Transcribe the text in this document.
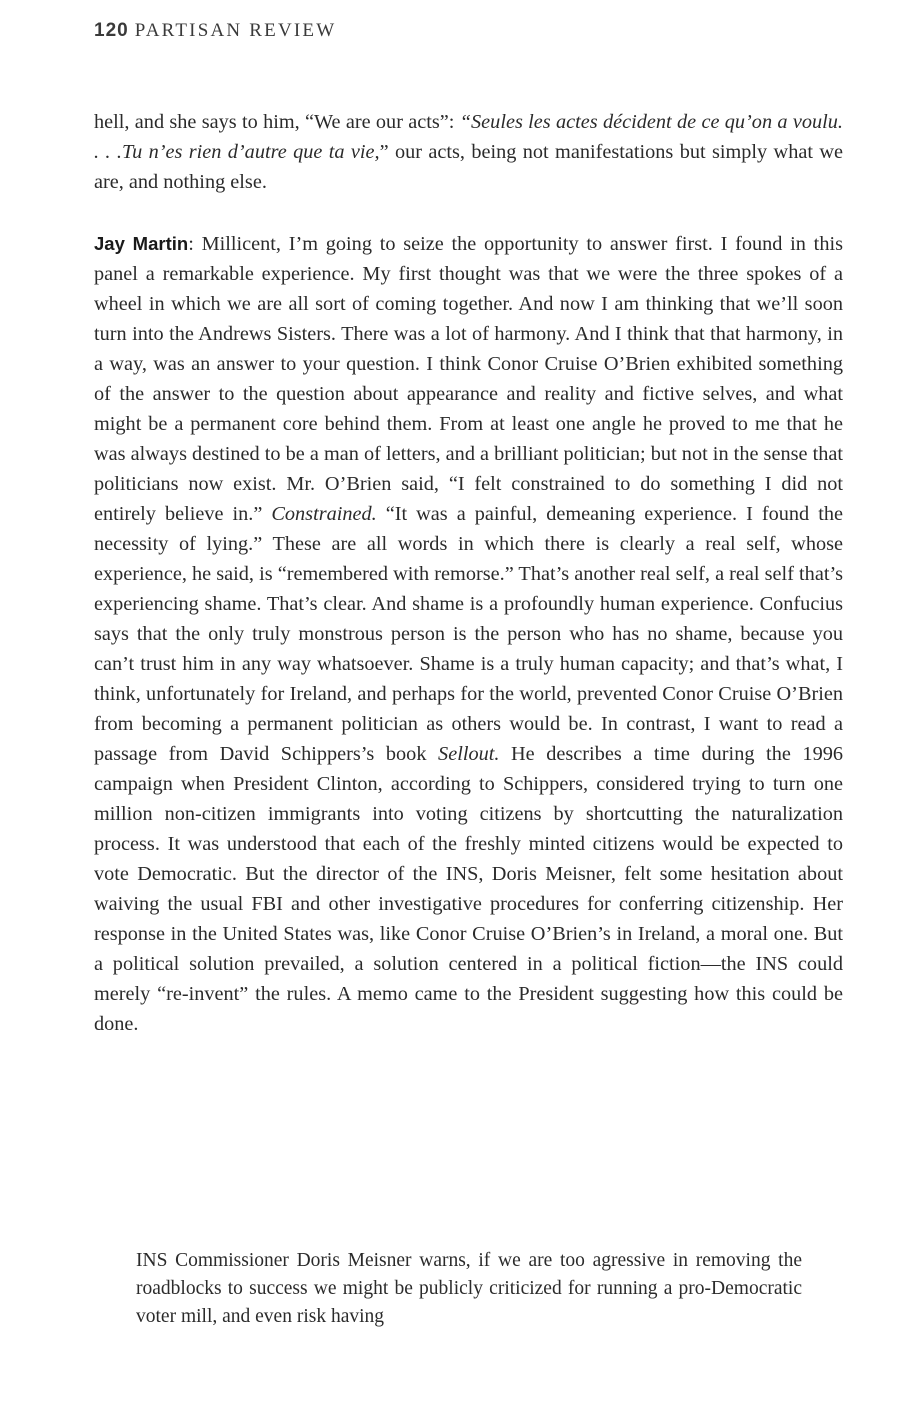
120 PARTISAN REVIEW

hell, and she says to him, “We are our acts”: “Seules les actes décident de ce qu’on a voulu. . . .Tu n’es rien d’autre que ta vie,” our acts, being not manifestations but simply what we are, and nothing else.

Jay Martin: Millicent, I’m going to seize the opportunity to answer first. I found in this panel a remarkable experience. My first thought was that we were the three spokes of a wheel in which we are all sort of coming together. And now I am thinking that we’ll soon turn into the Andrews Sisters. There was a lot of harmony. And I think that that harmony, in a way, was an answer to your question. I think Conor Cruise O’Brien exhibited something of the answer to the question about appearance and reality and fictive selves, and what might be a permanent core behind them. From at least one angle he proved to me that he was always destined to be a man of letters, and a brilliant politician; but not in the sense that politicians now exist. Mr. O’Brien said, “I felt constrained to do something I did not entirely believe in.” Constrained. “It was a painful, demeaning experience. I found the necessity of lying.” These are all words in which there is clearly a real self, whose experience, he said, is “remembered with remorse.” That’s another real self, a real self that’s experiencing shame. That’s clear. And shame is a profoundly human experience. Confucius says that the only truly monstrous person is the person who has no shame, because you can’t trust him in any way whatsoever. Shame is a truly human capacity; and that’s what, I think, unfortunately for Ireland, and perhaps for the world, prevented Conor Cruise O’Brien from becoming a permanent politician as others would be. In contrast, I want to read a passage from David Schippers’s book Sellout. He describes a time during the 1996 campaign when President Clinton, according to Schippers, considered trying to turn one million non-citizen immigrants into voting citizens by shortcutting the naturalization process. It was understood that each of the freshly minted citizens would be expected to vote Democratic. But the director of the INS, Doris Meisner, felt some hesitation about waiving the usual FBI and other investigative procedures for conferring citizenship. Her response in the United States was, like Conor Cruise O’Brien’s in Ireland, a moral one. But a political solution prevailed, a solution centered in a political fiction—the INS could merely “re-invent” the rules. A memo came to the President suggesting how this could be done.

INS Commissioner Doris Meisner warns, if we are too agressive in removing the roadblocks to success we might be publicly criticized for running a pro-Democratic voter mill, and even risk having
